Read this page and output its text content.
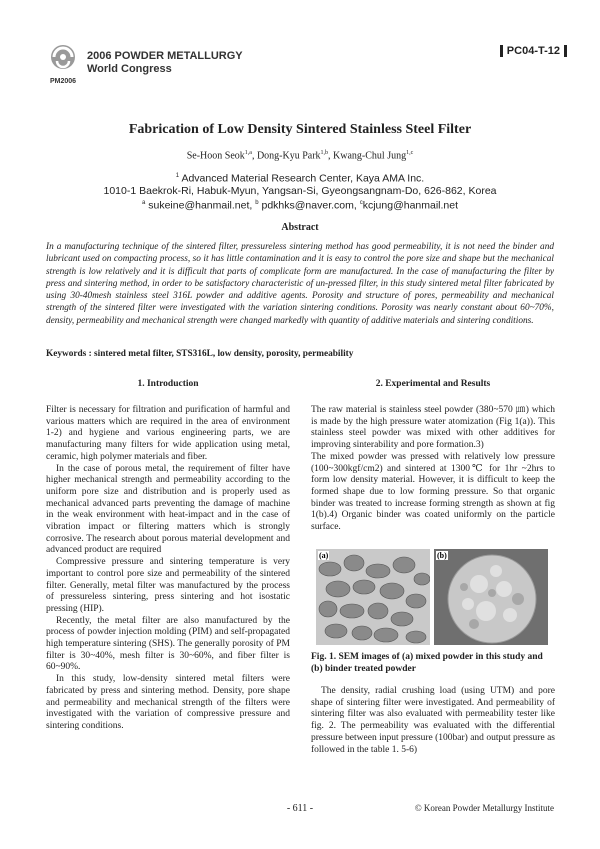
PM2006
2006 POWDER METALLURGY
World Congress
PC04-T-12
Fabrication of Low Density Sintered Stainless Steel Filter
Se-Hoon Seok$^{1,a}$, Dong-Kyu Park$^{1,b}$, Kwang-Chul Jung$^{1,c}$
$^1$ Advanced Material Research Center, Kaya AMA Inc.
1010-1 Baekrok-Ri, Habuk-Myun, Yangsan-Si, Gyeongsangnam-Do, 626-862, Korea
$^a$ sukeine@hanmail.net, $^b$ pdkhks@naver.com, $^c$kcjung@hanmail.net
Abstract
In a manufacturing technique of the sintered filter, pressureless sintering method has good permeability, it is not need the binder and lubricant used on compacting process, so it has little contamination and it is easy to control the pore size and shape but the mechanical strength is low relatively and it is difficult that parts of complicate form are manufactured. In the case of manufacturing the filter by press and sintering method, in order to be satisfactory characteristic of un-pressed filter, in this study sintered metal filter fabricated by using 30-40mesh stainless steel 316L powder and additive agents. Porosity and structure of pores, permeability and mechanical strength of the sintered filter were investigated with the variation sintering conditions. Porosity was nearly constant about 60~70%, density, permeability and mechanical strength were changed markedly with quantity of additive materials and sintering conditions.
Keywords : sintered metal filter, STS316L, low density, porosity, permeability
1. Introduction

Filter is necessary for filtration and purification of harmful and various matters which are required in the area of environment 1-2) and hygiene and various engineering parts, we are manufacturing many filters for wide application using metal, ceramic, high polymer materials and fiber.

In the case of porous metal, the requirement of filter have higher mechanical strength and permeability according to the uniform pore size and distribution and is properly used as mechanical advanced parts preventing the damage of machine in the weak environment with heat-impact and in the case of vibration impact or filtering matters which is strongly corrosive. The research about porous material development and advanced product are required

Compressive pressure and sintering temperature is very important to control pore size and permeability of the sintered filter. Generally, metal filter was manufactured by the process of pressureless sintering, press sintering and hot isostatic pressing (HIP).

Recently, the metal filter are also manufactured by the process of powder injection molding (PIM) and self-propagated high temperature sintering (SHS). The generally porosity of PM filter is 30~40%, mesh filter is 30~60%, and fiber filter is 60~90%.

In this study, low-density sintered metal filters were fabricated by press and sintering method. Density, pore shape and permeability and mechanical strength of the filters were investigated with the variation of compressive pressure and sintering conditions.

2. Experimental and Results

The raw material is stainless steel powder (380~570 ㎛) which is made by the high pressure water atomization (Fig 1(a)). This stainless steel powder was mixed with other additives for improving sinterability and pore formation.3)

The mixed powder was pressed with relatively low pressure (100~300kgf/cm2) and sintered at 1300℃ for 1hr ~2hrs to form low density material. However, it is difficult to keep the formed shape due to low forming pressure. So that organic binder was treated to increase forming strength as shown at fig 1(b).4) Organic binder was coated uniformly on the particle surface.

(a)	(b)
Fig. 1. SEM images of (a) mixed powder in this study and (b) binder treated powder

The density, radial crushing load (using UTM) and pore shape of sintering filter were investigated. And permeability of sintering filter was also evaluated with permeability tester like fig. 2. The permeability was evaluated with the differential pressure between input pressure (100bar) and output pressure as followed in the table 1. 5-6)

- 611 -	© Korean Powder Metallurgy Institute
